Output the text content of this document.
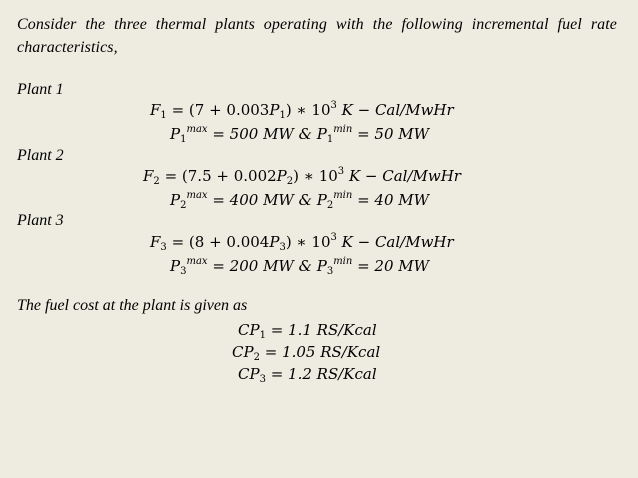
Consider the three thermal plants operating with the following incremental fuel rate characteristics,
Plant 1
$F_1 = (7 + 0.003P_1)$ ∗ $10^3$ K − Cal/MwHr
$P_1^{max} = 500$ MW & $P_1^{min} = 50$ MW
Plant 2
$F_2 = (7.5 + 0.002P_2)$ ∗ $10^3$ K − Cal/MwHr
$P_2^{max} = 400$ MW & $P_2^{min} = 40$ MW
Plant 3
$F_3 = (8 + 0.004P_3)$ ∗ $10^3$ K − Cal/MwHr
$P_3^{max} = 200$ MW & $P_3^{min} = 20$ MW
The fuel cost at the plant is given as
$CP_1 = 1.1$ RS/Kcal
$CP_2 = 1.05$ RS/Kcal
$CP_3 = 1.2$ RS/Kcal
